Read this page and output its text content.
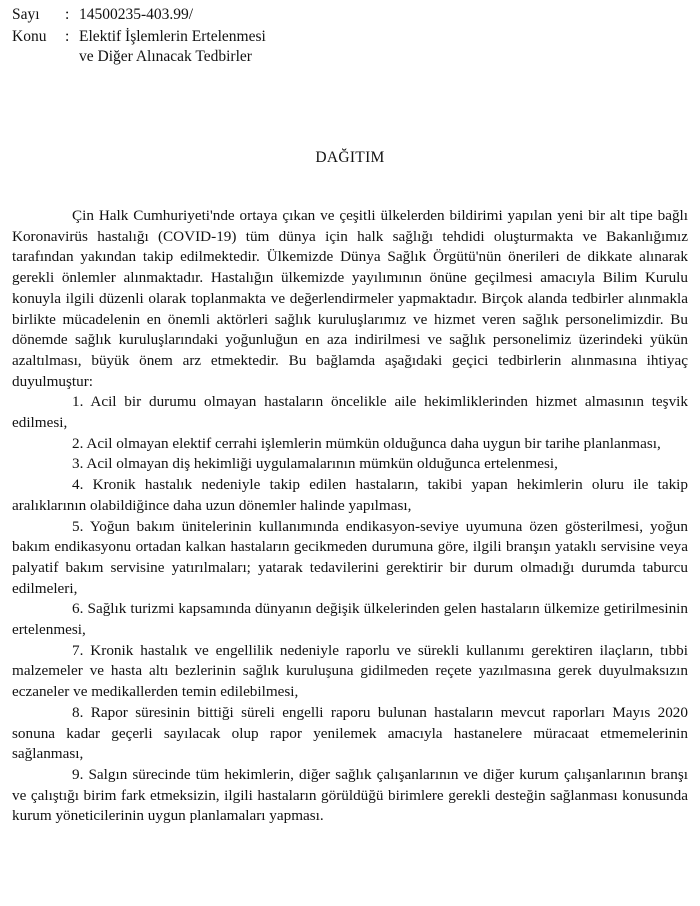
Sayı : 14500235-403.99/
Konu : Elektif İşlemlerin Ertelenmesi
ve Diğer Alınacak Tedbirler
DAĞITIM

Çin Halk Cumhuriyeti'nde ortaya çıkan ve çeşitli ülkelerden bildirimi yapılan yeni bir alt tipe bağlı Koronavirüs hastalığı (COVID-19) tüm dünya için halk sağlığı tehdidi oluşturmakta ve Bakanlığımız tarafından yakından takip edilmektedir. Ülkemizde Dünya Sağlık Örgütü'nün önerileri de dikkate alınarak gerekli önlemler alınmaktadır. Hastalığın ülkemizde yayılımının önüne geçilmesi amacıyla Bilim Kurulu konuyla ilgili düzenli olarak toplanmakta ve değerlendirmeler yapmaktadır. Birçok alanda tedbirler alınmakla birlikte mücadelenin en önemli aktörleri sağlık kuruluşlarımız ve hizmet veren sağlık personelimizdir. Bu dönemde sağlık kuruluşlarındaki yoğunluğun en aza indirilmesi ve sağlık personelimiz üzerindeki yükün azaltılması, büyük önem arz etmektedir. Bu bağlamda aşağıdaki geçici tedbirlerin alınmasına ihtiyaç duyulmuştur:

1. Acil bir durumu olmayan hastaların öncelikle aile hekimliklerinden hizmet almasının teşvik edilmesi,

2. Acil olmayan elektif cerrahi işlemlerin mümkün olduğunca daha uygun bir tarihe planlanması,

3. Acil olmayan diş hekimliği uygulamalarının mümkün olduğunca ertelenmesi,

4. Kronik hastalık nedeniyle takip edilen hastaların, takibi yapan hekimlerin oluru ile takip aralıklarının olabildiğince daha uzun dönemler halinde yapılması,

5. Yoğun bakım ünitelerinin kullanımında endikasyon-seviye uyumuna özen gösterilmesi, yoğun bakım endikasyonu ortadan kalkan hastaların gecikmeden durumuna göre, ilgili branşın yataklı servisine veya palyatif bakım servisine yatırılmaları; yatarak tedavilerini gerektirir bir durum olmadığı durumda taburcu edilmeleri,

6. Sağlık turizmi kapsamında dünyanın değişik ülkelerinden gelen hastaların ülkemize getirilmesinin ertelenmesi,

7. Kronik hastalık ve engellilik nedeniyle raporlu ve sürekli kullanımı gerektiren ilaçların, tıbbi malzemeler ve hasta altı bezlerinin sağlık kuruluşuna gidilmeden reçete yazılmasına gerek duyulmaksızın eczaneler ve medikallerden temin edilebilmesi,

8. Rapor süresinin bittiği süreli engelli raporu bulunan hastaların mevcut raporları Mayıs 2020 sonuna kadar geçerli sayılacak olup rapor yenilemek amacıyla hastanelere müracaat etmemelerinin sağlanması,

9. Salgın sürecinde tüm hekimlerin, diğer sağlık çalışanlarının ve diğer kurum çalışanlarının branşı ve çalıştığı birim fark etmeksizin, ilgili hastaların görüldüğü birimlere gerekli desteğin sağlanması konusunda kurum yöneticilerinin uygun planlamaları yapması.
